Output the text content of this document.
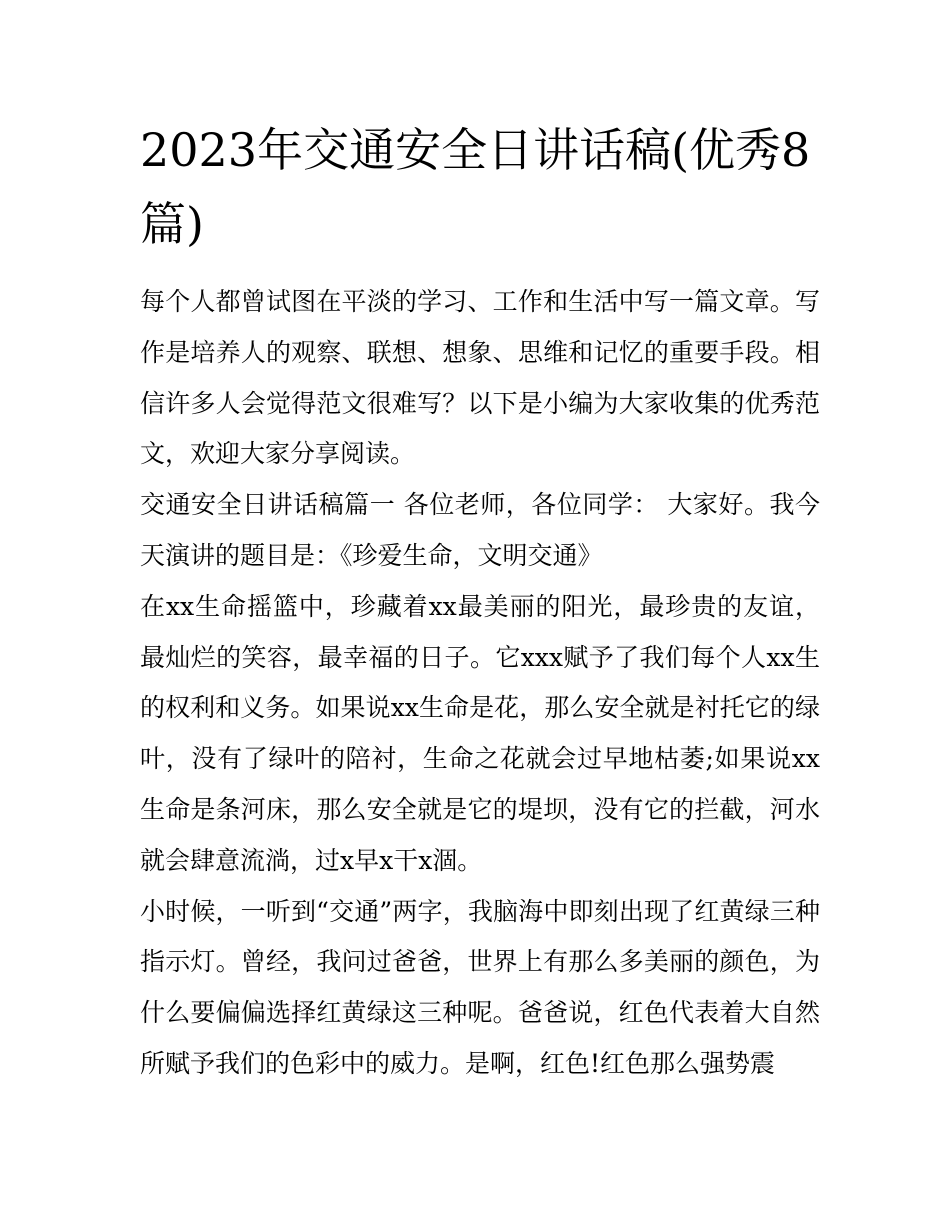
2023年交通安全日讲话稿(优秀8篇)

每个人都曾试图在平淡的学习、工作和生活中写一篇文章。写作是培养人的观察、联想、想象、思维和记忆的重要手段。相信许多人会觉得范文很难写？以下是小编为大家收集的优秀范文，欢迎大家分享阅读。

交通安全日讲话稿篇一 各位老师，各位同学： 大家好。我今天演讲的题目是：《珍爱生命，文明交通》

在xx生命摇篮中，珍藏着xx最美丽的阳光，最珍贵的友谊，最灿烂的笑容，最幸福的日子。它xxx赋予了我们每个人xx生的权利和义务。如果说xx生命是花，那么安全就是衬托它的绿叶，没有了绿叶的陪衬，生命之花就会过早地枯萎;如果说xx生命是条河床，那么安全就是它的堤坝，没有它的拦截，河水就会肆意流淌，过x早x干x涸。

小时候，一听到“交通”两字，我脑海中即刻出现了红黄绿三种指示灯。曾经，我问过爸爸，世界上有那么多美丽的颜色，为什么要偏偏选择红黄绿这三种呢。爸爸说，红色代表着大自然所赋予我们的色彩中的威力。是啊，红色!红色那么强势震
